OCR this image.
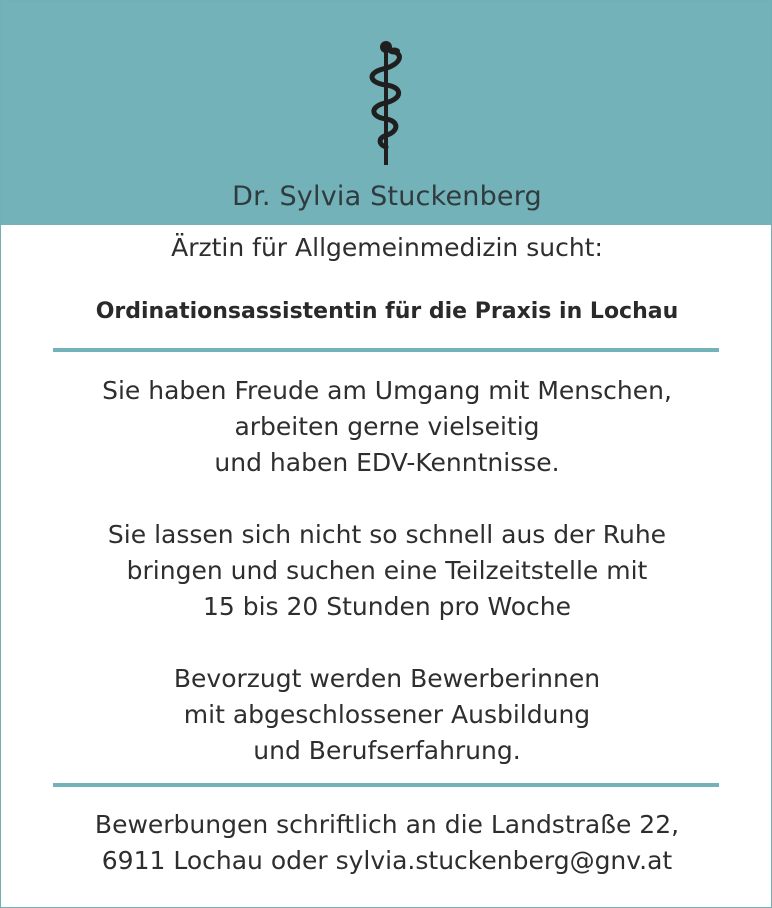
Dr. Sylvia Stuckenberg
Ärztin für Allgemeinmedizin sucht:
Ordinationsassistentin für die Praxis in Lochau
Sie haben Freude am Umgang mit Menschen,
arbeiten gerne vielseitig
und haben EDV-Kenntnisse.
Sie lassen sich nicht so schnell aus der Ruhe
bringen und suchen eine Teilzeitstelle mit
15 bis 20 Stunden pro Woche
Bevorzugt werden Bewerberinnen
mit abgeschlossener Ausbildung
und Berufserfahrung.
Bewerbungen schriftlich an die Landstraße 22,
6911 Lochau oder sylvia.stuckenberg@gnv.at
